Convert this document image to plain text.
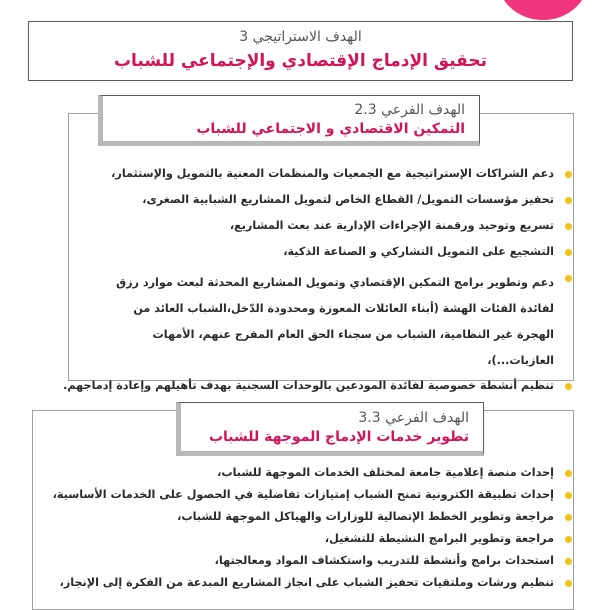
الهدف الاستراتيجي 3
تحقيق الإدماج الإقتصادي والإجتماعي للشباب
الهدف الفرعي 2.3
التمكين الاقتصادي و الاجتماعي للشباب
دعم الشراكات الإستراتيجية مع الجمعيات والمنظمات المعنية بالتمويل والإستثمار،
تحفيز مؤسسات التمويل/ القطاع الخاص لتمويل المشاريع الشبابية الصغرى،
تسريع وتوحيد ورقمنة الإجراءات الإدارية عند بعث المشاريع،
التشجيع على التمويل التشاركي و الصناعة الذكية،
دعم وتطوير برامج التمكين الإقتصادي وتمويل المشاريع المحدثة لبعث موارد رزق لفائدة الفئات الهشة (أبناء العائلات المعوزة ومحدودة الدّخل،الشباب العائد من الهجرة غير النظامية، الشباب من سجناء الحق العام المفرج عنهم، الأمهات العازبات...)،
تنظيم أنشطة خصوصية لفائدة المودعين بالوحدات السجنية بهدف تأهيلهم وإعادة إدماجهم.
الهدف الفرعي 3.3
تطوير خدمات الإدماج الموجهة للشباب
إحداث منصة إعلامية جامعة لمختلف الخدمات الموجهة للشباب،
إحداث تطبيقة الكترونية تمنح الشباب إمتيازات تفاضلية في الحصول على الخدمات الأساسية،
مراجعة وتطوير الخطط الإتصالية للوزارات والهياكل الموجهة للشباب،
مراجعة وتطوير البرامج النشيطة للتشغيل،
استحداث برامج وأنشطة للتدريب واستكشاف المواد ومعالجتها،
تنظيم ورشات وملتقيات تحفيز الشباب على انجاز المشاريع المبدعة من الفكرة إلى الإنجاز،
